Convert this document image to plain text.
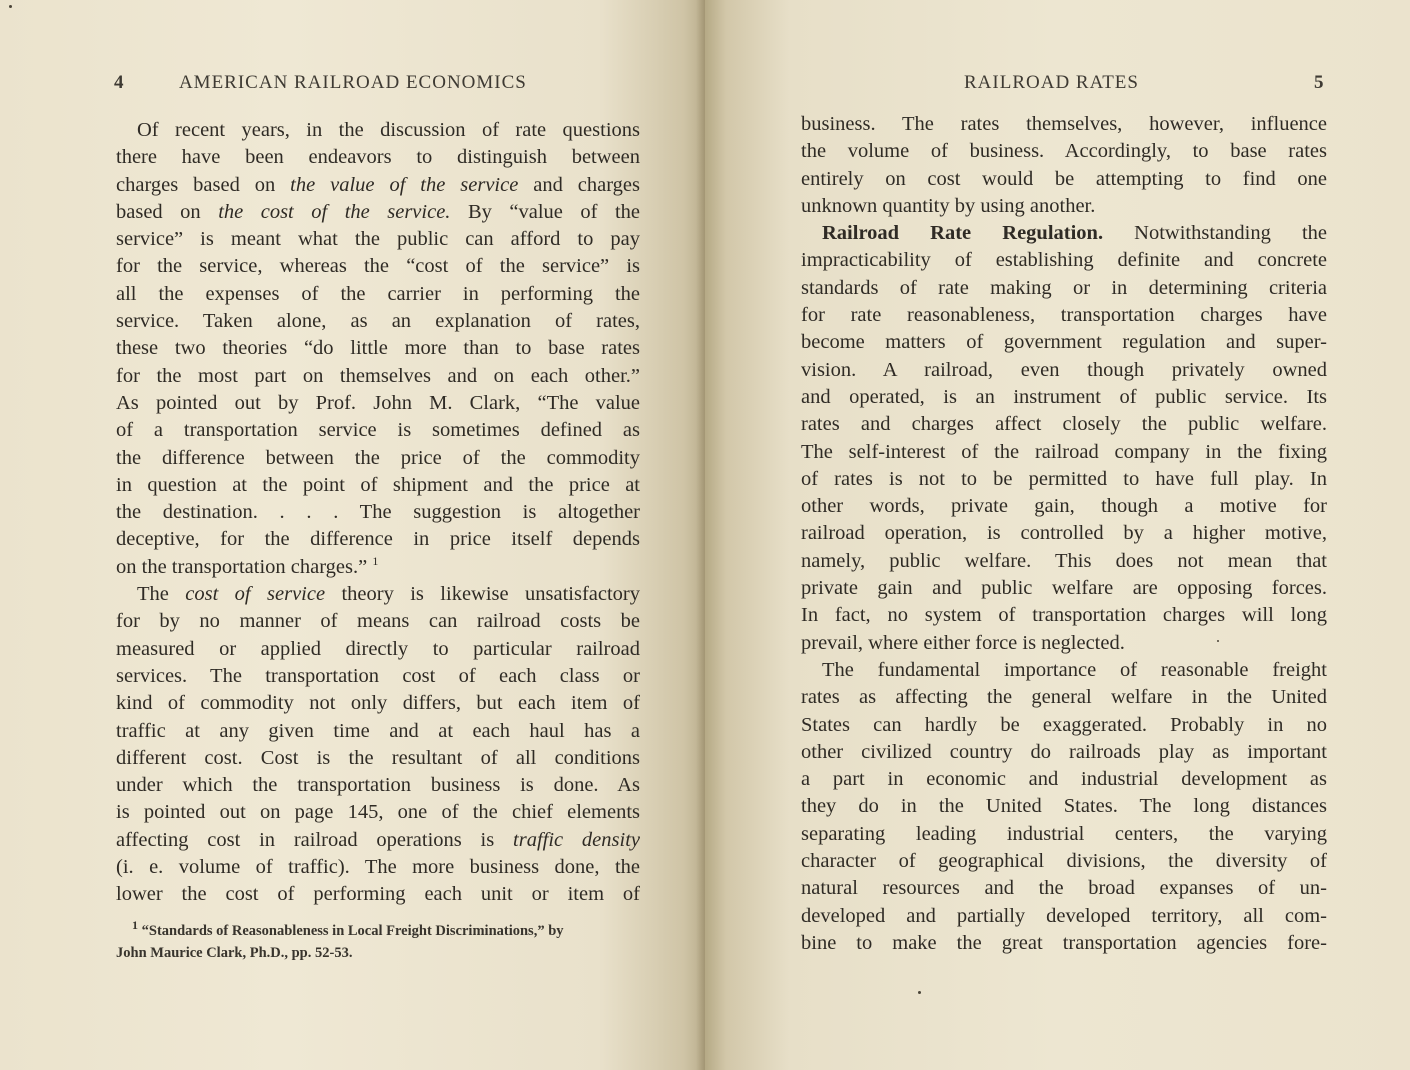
4	AMERICAN RAILROAD ECONOMICS
Of recent years, in the discussion of rate questions
there have been endeavors to distinguish between
charges based on the value of the service and charges
based on the cost of the service. By “value of the
service” is meant what the public can afford to pay
for the service, whereas the “cost of the service” is
all the expenses of the carrier in performing the
service. Taken alone, as an explanation of rates,
these two theories “do little more than to base rates
for the most part on themselves and on each other.”
As pointed out by Prof. John M. Clark, “The value
of a transportation service is sometimes defined as
the difference between the price of the commodity
in question at the point of shipment and the price at
the destination. . . . The suggestion is altogether
deceptive, for the difference in price itself depends
on the transportation charges.” $^1$
The cost of service theory is likewise unsatisfactory
for by no manner of means can railroad costs be
measured or applied directly to particular railroad
services. The transportation cost of each class or
kind of commodity not only differs, but each item of
traffic at any given time and at each haul has a
different cost. Cost is the resultant of all conditions
under which the transportation business is done. As
is pointed out on page 145, one of the chief elements
affecting cost in railroad operations is traffic density
(i. e. volume of traffic). The more business done, the
lower the cost of performing each unit or item of
$^1$ “Standards of Reasonableness in Local Freight Discriminations,” by
John Maurice Clark, Ph.D., pp. 52-53.
RAILROAD RATES	5
business. The rates themselves, however, influence
the volume of business. Accordingly, to base rates
entirely on cost would be attempting to find one
unknown quantity by using another.
Railroad Rate Regulation. Notwithstanding the
impracticability of establishing definite and concrete
standards of rate making or in determining criteria
for rate reasonableness, transportation charges have
become matters of government regulation and super-
vision. A railroad, even though privately owned
and operated, is an instrument of public service. Its
rates and charges affect closely the public welfare.
The self-interest of the railroad company in the fixing
of rates is not to be permitted to have full play. In
other words, private gain, though a motive for
railroad operation, is controlled by a higher motive,
namely, public welfare. This does not mean that
private gain and public welfare are opposing forces.
In fact, no system of transportation charges will long
prevail, where either force is neglected.
The fundamental importance of reasonable freight
rates as affecting the general welfare in the United
States can hardly be exaggerated. Probably in no
other civilized country do railroads play as important
a part in economic and industrial development as
they do in the United States. The long distances
separating leading industrial centers, the varying
character of geographical divisions, the diversity of
natural resources and the broad expanses of un-
developed and partially developed territory, all com-
bine to make the great transportation agencies fore-
